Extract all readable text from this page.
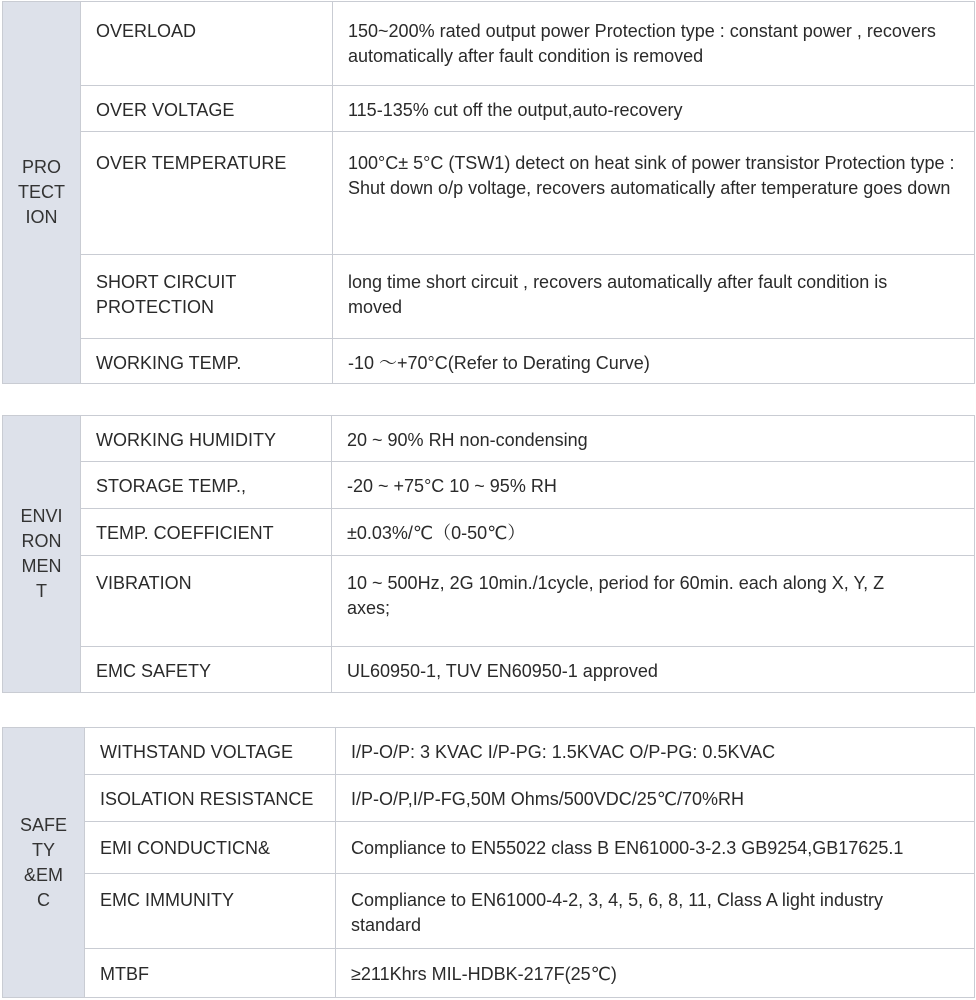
PRO
TECT
ION	OVERLOAD	150~200% rated output power Protection type : constant power , recovers automatically after fault condition is removed

	OVER VOLTAGE	115-135% cut off the output,auto-recovery

	OVER TEMPERATURE	100°C± 5°C (TSW1) detect on heat sink of power transistor Protection type : Shut down o/p voltage, recovers automatically after temperature goes down

	SHORT CIRCUIT PROTECTION	long time short circuit , recovers automatically after fault condition is moved

	WORKING TEMP.	-10 ～+70°C(Refer to Derating Curve)
ENVI
RON
MEN
T	WORKING HUMIDITY	20 ~ 90% RH non-condensing

	STORAGE TEMP.,	-20 ~ +75°C 10 ~ 95% RH

	TEMP. COEFFICIENT	±0.03%/℃（0-50℃）

	VIBRATION	10 ~ 500Hz, 2G 10min./1cycle, period for 60min. each along X, Y, Z axes;

	EMC SAFETY	UL60950-1, TUV EN60950-1 approved
SAFE
TY
&EM
C	WITHSTAND VOLTAGE	I/P-O/P: 3 KVAC I/P-PG: 1.5KVAC O/P-PG: 0.5KVAC

	ISOLATION RESISTANCE	I/P-O/P,I/P-FG,50M Ohms/500VDC/25℃/70%RH

	EMI CONDUCTICN&	Compliance to EN55022 class B EN61000-3-2.3 GB9254,GB17625.1

	EMC IMMUNITY	Compliance to EN61000-4-2, 3, 4, 5, 6, 8, 11, Class A light industry standard

	MTBF	≥211Khrs MIL-HDBK-217F(25℃)
